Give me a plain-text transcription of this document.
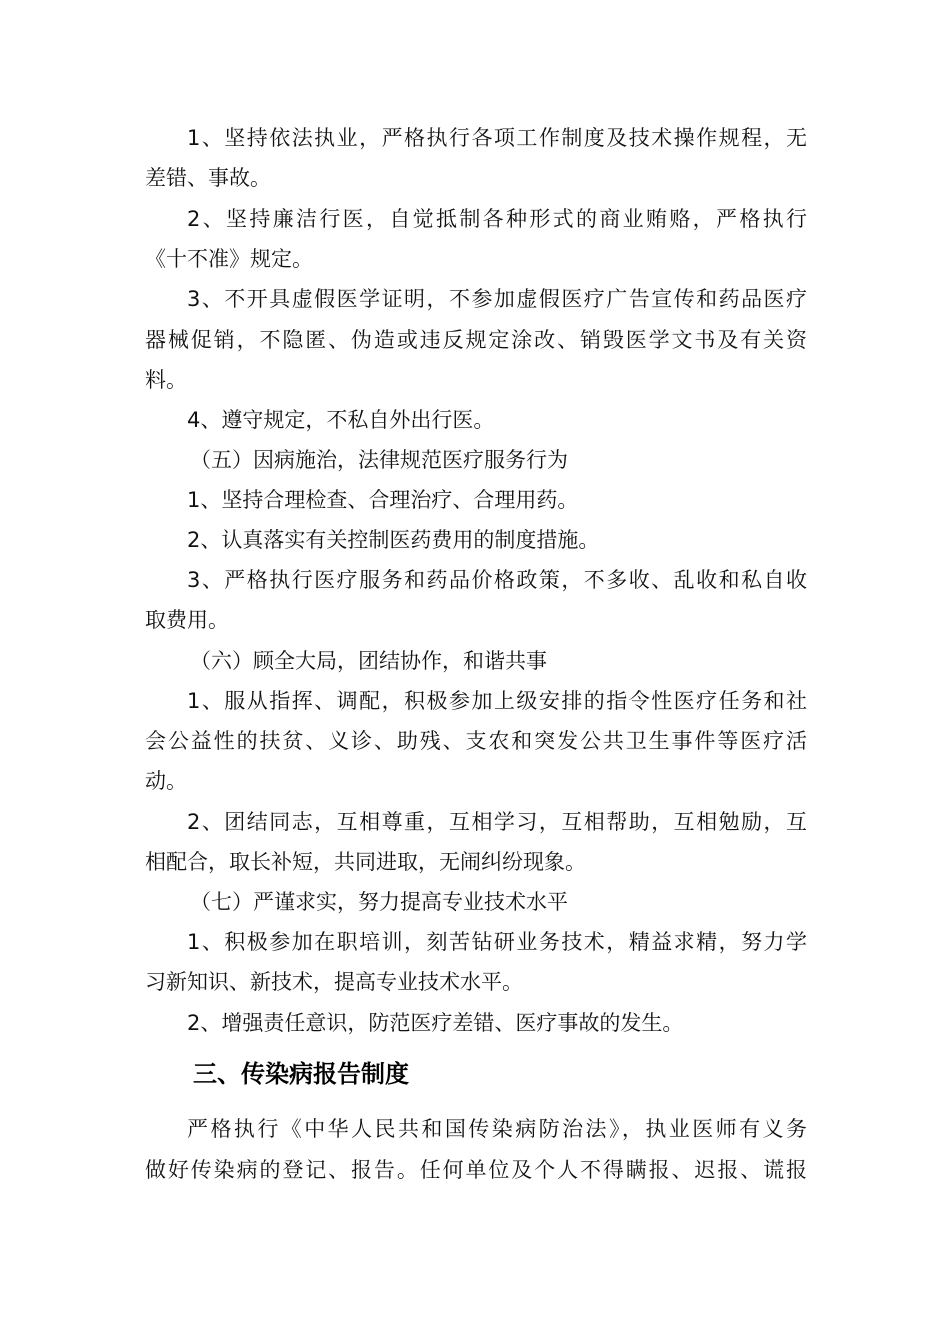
1、坚持依法执业，严格执行各项工作制度及技术操作规程，无
差错、事故。
2、坚持廉洁行医，自觉抵制各种形式的商业贿赂，严格执行
《十不准》规定。
3、不开具虚假医学证明，不参加虚假医疗广告宣传和药品医疗
器械促销，不隐匿、伪造或违反规定涂改、销毁医学文书及有关资
料。
4、遵守规定，不私自外出行医。
（五）因病施治，法律规范医疗服务行为
1、坚持合理检查、合理治疗、合理用药。
2、认真落实有关控制医药费用的制度措施。
3、严格执行医疗服务和药品价格政策，不多收、乱收和私自收
取费用。
（六）顾全大局，团结协作，和谐共事
1、服从指挥、调配，积极参加上级安排的指令性医疗任务和社
会公益性的扶贫、义诊、助残、支农和突发公共卫生事件等医疗活
动。
2、团结同志，互相尊重，互相学习，互相帮助，互相勉励，互
相配合，取长补短，共同进取，无闹纠纷现象。
（七）严谨求实，努力提高专业技术水平
1、积极参加在职培训，刻苦钻研业务技术，精益求精，努力学
习新知识、新技术，提高专业技术水平。
2、增强责任意识，防范医疗差错、医疗事故的发生。
三、传染病报告制度
严格执行《中华人民共和国传染病防治法》，执业医师有义务
做好传染病的登记、报告。任何单位及个人不得瞒报、迟报、谎报
